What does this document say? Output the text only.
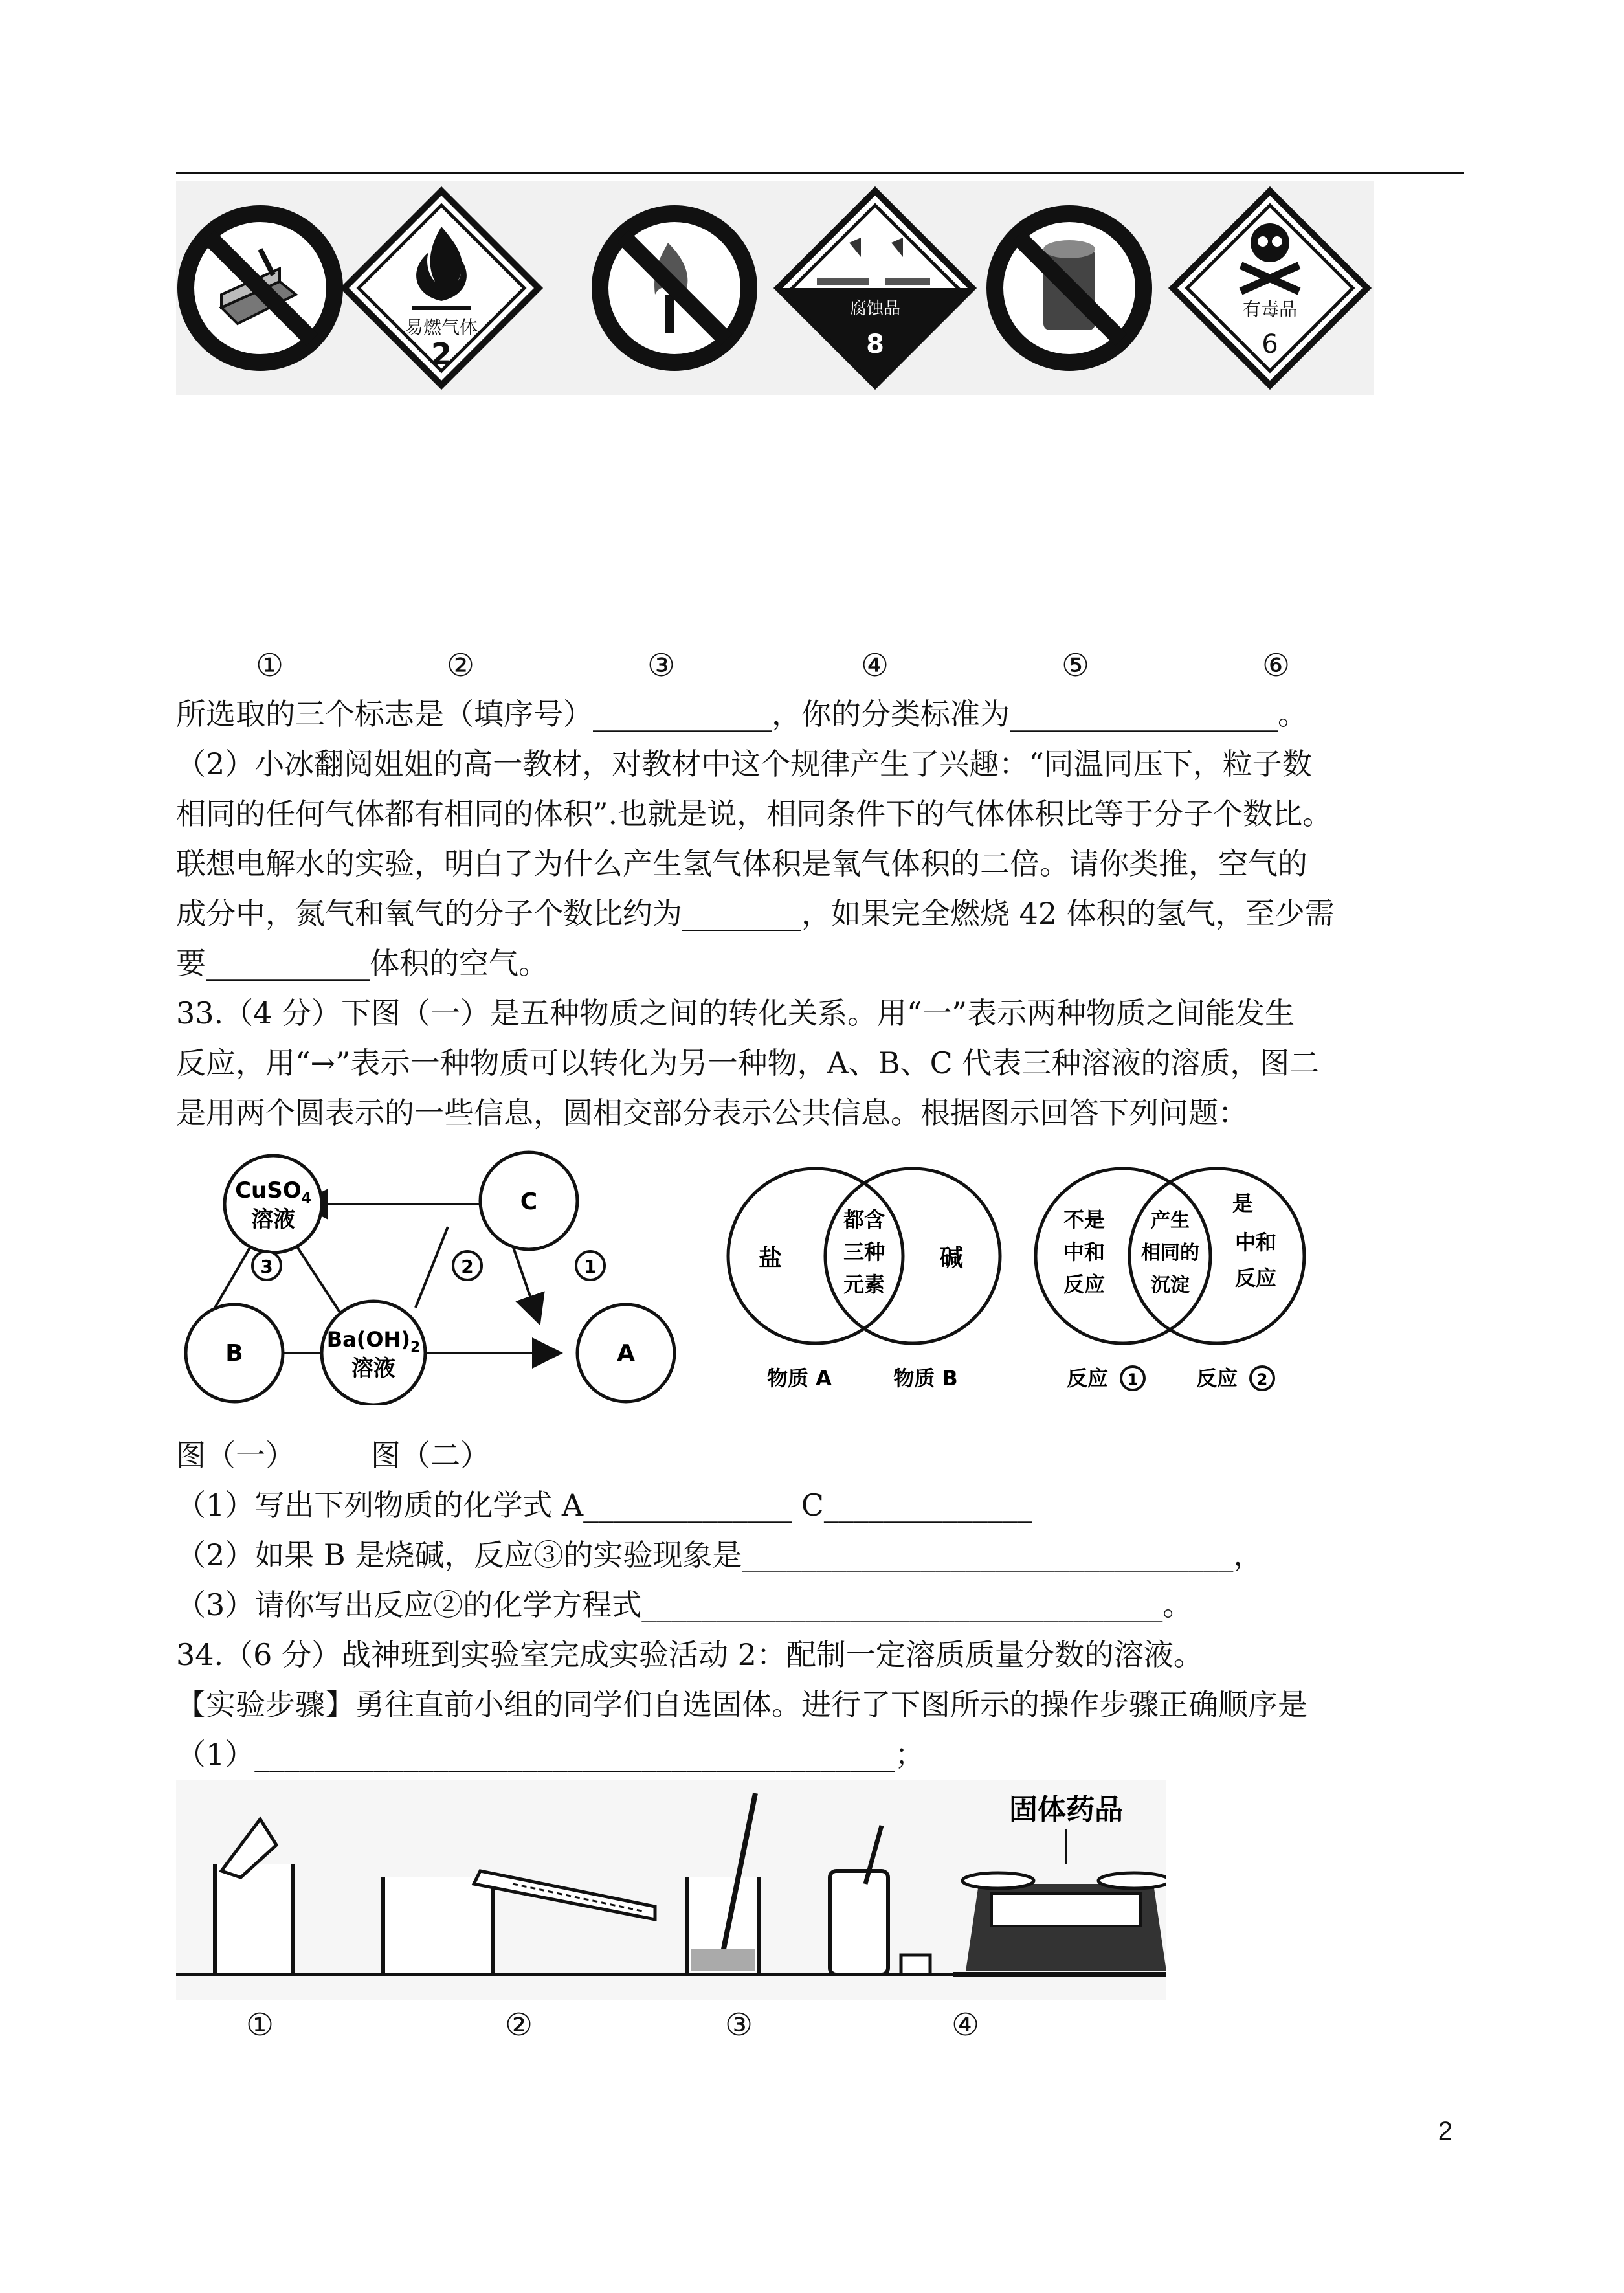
易燃气体
2
腐蚀品
8
有毒品
6
①	②	③	④	⑤	⑥
所选取的三个标志是（填序号）____________，你的分类标准为__________________。
（2）小冰翻阅姐姐的高一教材，对教材中这个规律产生了兴趣：“同温同压下，粒子数
相同的任何气体都有相同的体积”.也就是说，相同条件下的气体体积比等于分子个数比。
联想电解水的实验，明白了为什么产生氢气体积是氧气体积的二倍。请你类推，空气的
成分中，氮气和氧气的分子个数比约为________，如果完全燃烧 42 体积的氢气，至少需
要___________体积的空气。
33.（4 分）下图（一）是五种物质之间的转化关系。用“一”表示两种物质之间能发生
反应，用“→”表示一种物质可以转化为另一种物，A、B、C 代表三种溶液的溶质，图二
是用两个圆表示的一些信息，圆相交部分表示公共信息。根据图示回答下列问题：
CuSO$_4$
溶液
C
B
$Ba(OH)_2$
溶液
A
1
2
3	盐
都含
三种
元素
碱
物质 A	物质 B
不是
中和
反应
产生
相同的
沉淀
是
中和
反应
反应 1	反应 2
图（一）        图（二）
（1）写出下列物质的化学式 A______________ C______________
（2）如果 B 是烧碱，反应③的实验现象是_________________________________，
（3）请你写出反应②的化学方程式___________________________________。
34.（6 分）战神班到实验室完成实验活动 2：配制一定溶质质量分数的溶液。
【实验步骤】勇往直前小组的同学们自选固体。进行了下图所示的操作步骤正确顺序是
（1）___________________________________________；
固体药品
①	②	③	④
2
